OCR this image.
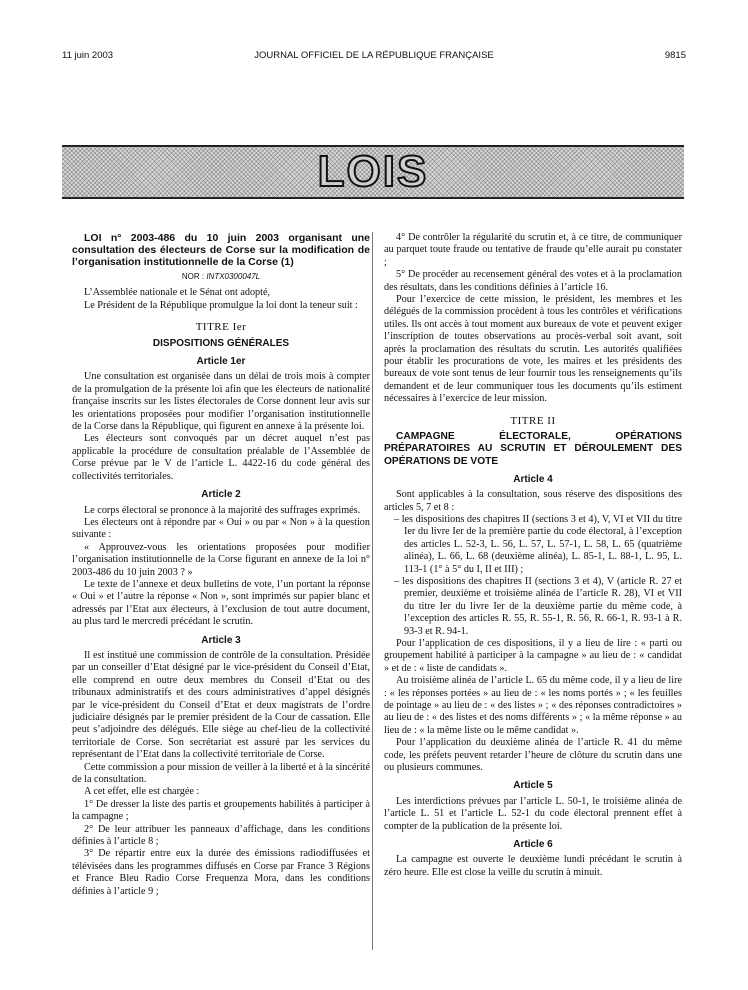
11 juin 2003	JOURNAL OFFICIEL DE LA RÉPUBLIQUE FRANÇAISE	9815
LOIS

LOI n° 2003-486 du 10 juin 2003 organisant une consultation des électeurs de Corse sur la modification de l’organisation institutionnelle de la Corse (1)

NOR : INTX0300047L

L’Assemblée nationale et le Sénat ont adopté,

Le Président de la République promulgue la loi dont la teneur suit :

TITRE Ier
DISPOSITIONS GÉNÉRALES
Article 1er

Une consultation est organisée dans un délai de trois mois à compter de la promulgation de la présente loi afin que les électeurs de nationalité française inscrits sur les listes électorales de Corse donnent leur avis sur les orientations proposées pour modifier l’organisation institutionnelle de la Corse dans la République, qui figurent en annexe à la présente loi.

Les électeurs sont convoqués par un décret auquel n’est pas applicable la procédure de consultation préalable de l’Assemblée de Corse prévue par le V de l’article L. 4422-16 du code général des collectivités territoriales.

Article 2

Le corps électoral se prononce à la majorité des suffrages exprimés.

Les électeurs ont à répondre par « Oui » ou par « Non » à la question suivante :

« Approuvez-vous les orientations proposées pour modifier l’organisation institutionnelle de la Corse figurant en annexe de la loi n° 2003-486 du 10 juin 2003 ? »

Le texte de l’annexe et deux bulletins de vote, l’un portant la réponse « Oui » et l’autre la réponse « Non », sont imprimés sur papier blanc et adressés par l’Etat aux électeurs, à l’exclusion de tout autre document, au plus tard le mercredi précédant le scrutin.

Article 3

Il est institué une commission de contrôle de la consultation. Présidée par un conseiller d’Etat désigné par le vice-président du Conseil d’Etat, elle comprend en outre deux membres du Conseil d’Etat ou des tribunaux administratifs et des cours administratives d’appel désignés par le vice-président du Conseil d’Etat et deux magistrats de l’ordre judiciaire désignés par le premier président de la Cour de cassation. Elle peut s’adjoindre des délégués. Elle siège au chef-lieu de la collectivité territoriale de Corse. Son secrétariat est assuré par les services du représentant de l’Etat dans la collectivité territoriale de Corse.

Cette commission a pour mission de veiller à la liberté et à la sincérité de la consultation.

A cet effet, elle est chargée :

1° De dresser la liste des partis et groupements habilités à participer à la campagne ;

2° De leur attribuer les panneaux d’affichage, dans les conditions définies à l’article 8 ;

3° De répartir entre eux la durée des émissions radiodiffusées et télévisées dans les programmes diffusés en Corse par France 3 Régions et France Bleu Radio Corse Frequenza Mora, dans les conditions définies à l’article 9 ;

4° De contrôler la régularité du scrutin et, à ce titre, de communiquer au parquet toute fraude ou tentative de fraude qu’elle aurait pu constater ;

5° De procéder au recensement général des votes et à la proclamation des résultats, dans les conditions définies à l’article 16.

Pour l’exercice de cette mission, le président, les membres et les délégués de la commission procèdent à tous les contrôles et vérifications utiles. Ils ont accès à tout moment aux bureaux de vote et peuvent exiger l’inscription de toutes observations au procès-verbal soit avant, soit après la proclamation des résultats du scrutin. Les autorités qualifiées pour établir les procurations de vote, les maires et les présidents des bureaux de vote sont tenus de leur fournir tous les renseignements qu’ils demandent et de leur communiquer tous les documents qu’ils estiment nécessaires à l’exercice de leur mission.

TITRE II

CAMPAGNE ÉLECTORALE, OPÉRATIONS PRÉPARATOIRES AU SCRUTIN ET DÉROULEMENT DES OPÉRATIONS DE VOTE

Article 4

Sont applicables à la consultation, sous réserve des dispositions des articles 5, 7 et 8 :

– les dispositions des chapitres II (sections 3 et 4), V, VI et VII du titre Ier du livre Ier de la première partie du code électoral, à l’exception des articles L. 52-3, L. 56, L. 57, L. 57-1, L. 58, L. 65 (quatrième alinéa), L. 66, L. 68 (deuxième alinéa), L. 85-1, L. 88-1, L. 95, L. 113-1 (1° à 5° du I, II et III) ;
– les dispositions des chapitres II (sections 3 et 4), V (article R. 27 et premier, deuxième et troisième alinéa de l’article R. 28), VI et VII du titre Ier du livre Ier de la deuxième partie du même code, à l’exception des articles R. 55, R. 55-1, R. 56, R. 66-1, R. 93-1 à R. 93-3 et R. 94-1.

Pour l’application de ces dispositions, il y a lieu de lire : « parti ou groupement habilité à participer à la campagne » au lieu de : « candidat » et de : « liste de candidats ».

Au troisième alinéa de l’article L. 65 du même code, il y a lieu de lire : « les réponses portées » au lieu de : « les noms portés » ; « les feuilles de pointage » au lieu de : « des listes » ; « des réponses contradictoires » au lieu de : « des listes et des noms différents » ; « la même réponse » au lieu de : « la même liste ou le même candidat ».

Pour l’application du deuxième alinéa de l’article R. 41 du même code, les préfets peuvent retarder l’heure de clôture du scrutin dans une ou plusieurs communes.

Article 5

Les interdictions prévues par l’article L. 50-1, le troisième alinéa de l’article L. 51 et l’article L. 52-1 du code électoral prennent effet à compter de la publication de la présente loi.

Article 6

La campagne est ouverte le deuxième lundi précédant le scrutin à zéro heure. Elle est close la veille du scrutin à minuit.
